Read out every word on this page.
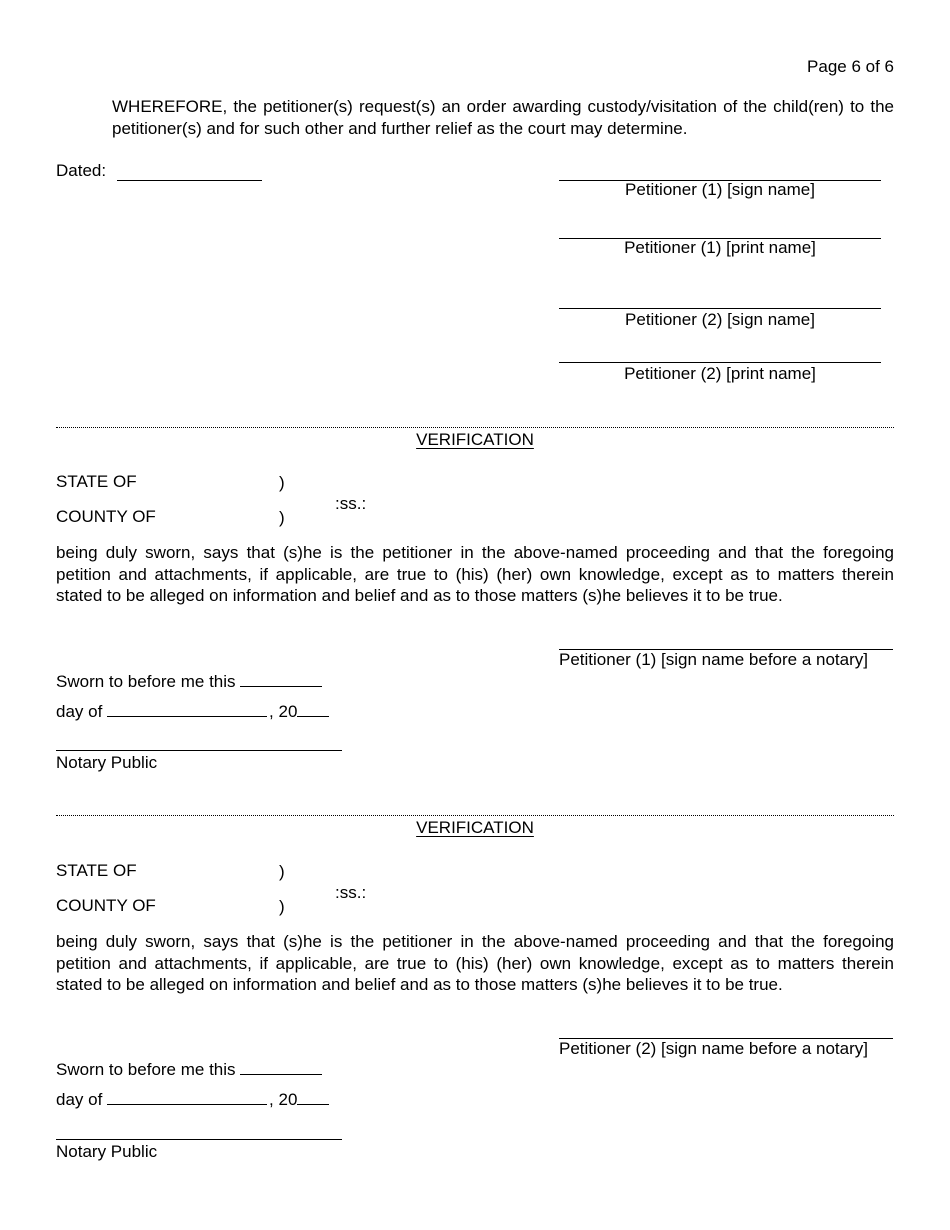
Page 6 of 6
WHEREFORE, the petitioner(s) request(s) an order awarding custody/visitation of the child(ren) to the petitioner(s) and for such other and further relief as the court may determine.
Dated:
Petitioner (1) [sign name]
Petitioner (1) [print name]
Petitioner (2) [sign name]
Petitioner (2) [print name]
VERIFICATION
STATE OF	)
COUNTY OF	)
:ss.:
being duly sworn, says that (s)he is the petitioner in the above-named proceeding and that the foregoing petition and attachments, if applicable, are true to (his) (her) own knowledge, except as to matters therein stated to be alleged on information and belief and as to those matters (s)he believes it to be true.
Petitioner (1) [sign name before a notary]
Sworn to before me this
day of	, 20
Notary Public
VERIFICATION
STATE OF	)
COUNTY OF	)
:ss.:
being duly sworn, says that (s)he is the petitioner in the above-named proceeding and that the foregoing petition and attachments, if applicable, are true to (his) (her) own knowledge, except as to matters therein stated to be alleged on information and belief and as to those matters (s)he believes it to be true.
Petitioner (2) [sign name before a notary]
Sworn to before me this
day of	, 20
Notary Public
